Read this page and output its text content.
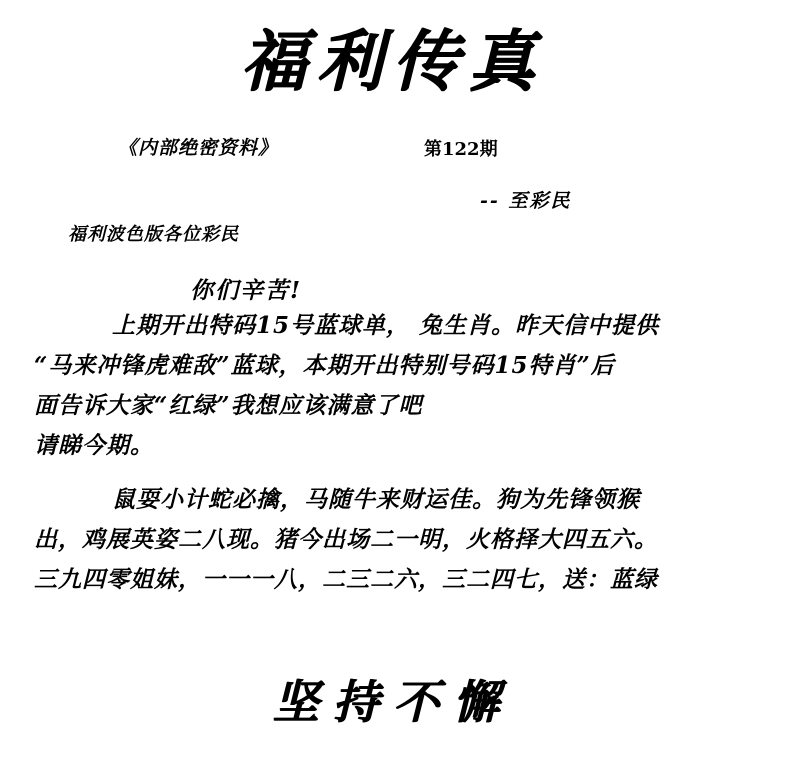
福利传真
《内部绝密资料》	第122期
-- 至彩民
福利波色版各位彩民
你们辛苦!

上期开出特码15号蓝球单， 兔生肖。昨天信中提供

“马来冲锋虎难敌”蓝球，本期开出特别号码15特肖”后

面告诉大家“红绿”我想应该满意了吧

请睇今期。

鼠耍小计蛇必擒，马随牛来财运佳。狗为先锋领猴

出，鸡展英姿二八现。猪今出场二一明，火格择大四五六。

三九四零姐妹，一一一八，二三二六，三二四七，送：蓝绿

坚持不懈
